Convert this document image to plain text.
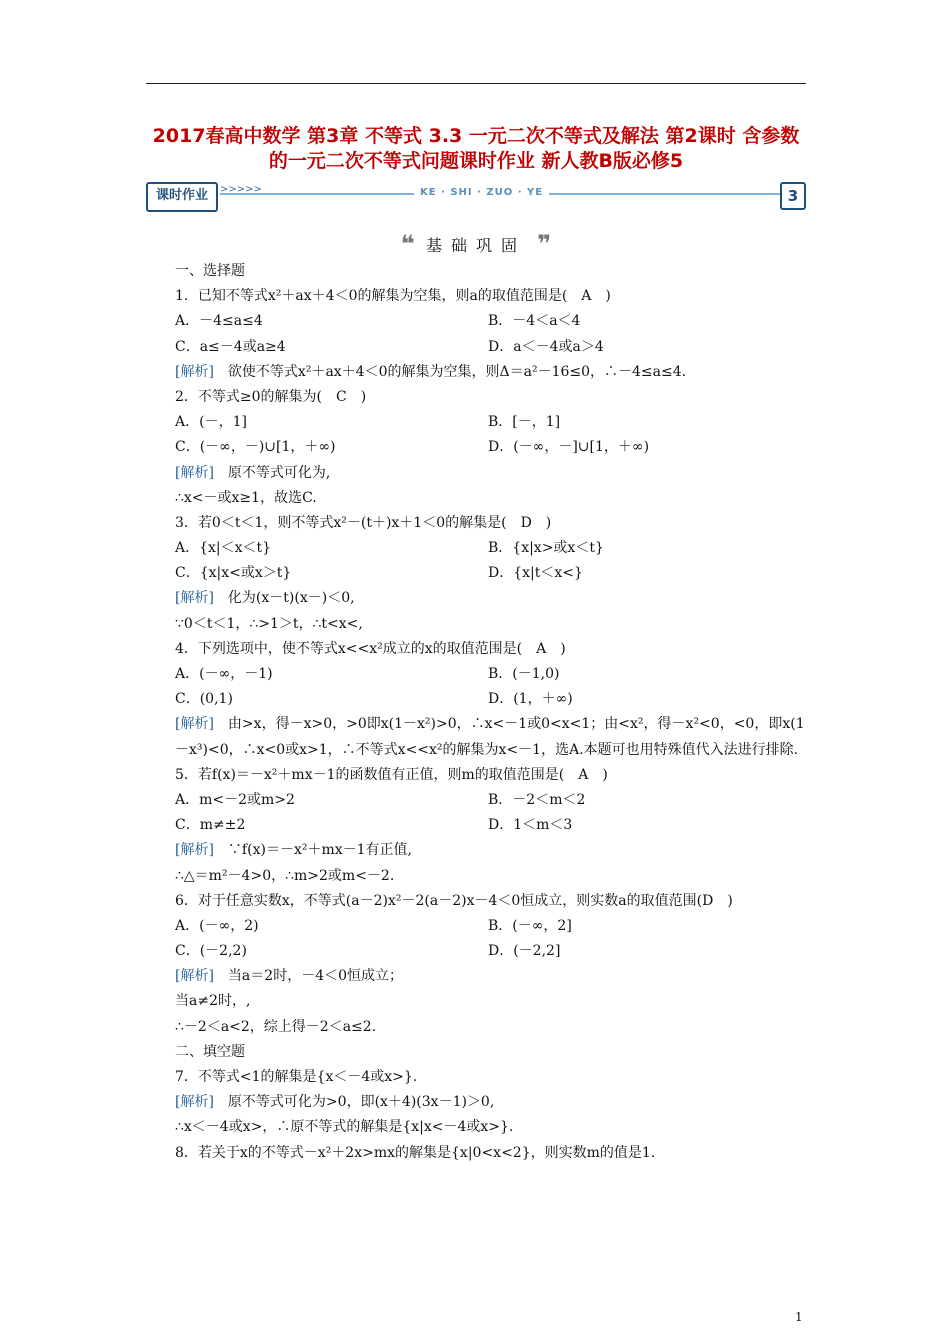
2017春高中数学 第3章 不等式 3.3 一元二次不等式及解法 第2课时 含参数的一元二次不等式问题课时作业 新人教B版必修5
课时作业	>>>>>	KE · SHI · ZUO · YE	3
❝ 基础巩固 ❞
一、选择题
1．已知不等式x²＋ax＋4＜0的解集为空集，则a的取值范围是(　A　)
A．－4≤a≤4	B．－4＜a＜4
C．a≤－4或a≥4	D．a＜－4或a＞4
[解析]　欲使不等式x²＋ax＋4＜0的解集为空集，则Δ＝a²－16≤0，∴－4≤a≤4.
2．不等式≥0的解集为(　C　)
A．(－，1]	B．[－，1]
C．(－∞，－)∪[1，＋∞)	D．(－∞，－]∪[1，＋∞)
[解析]　原不等式可化为,
∴x<－或x≥1，故选C.
3．若0＜t＜1，则不等式x²－(t＋)x＋1＜0的解集是(　D　)
A．{x|＜x＜t}	B．{x|x>或x＜t}
C．{x|x<或x＞t}	D．{x|t＜x<}
[解析]　化为(x－t)(x－)＜0,
∵0＜t＜1，∴>1＞t，∴t<x<,
4．下列选项中，使不等式x<<x²成立的x的取值范围是(　A　)
A．(－∞，－1)	B．(－1,0)
C．(0,1)	D．(1，＋∞)
[解析]　由>x，得－x>0，>0即x(1－x²)>0，∴x<－1或0<x<1；由<x²，得－x²<0，<0，即x(1－x³)<0，∴x<0或x>1，∴不等式x<<x²的解集为x<－1，选A.本题可也用特殊值代入法进行排除.
5．若f(x)＝－x²＋mx－1的函数值有正值，则m的取值范围是(　A　)
A．m<－2或m>2	B．－2＜m＜2
C．m≠±2	D．1＜m＜3
[解析]　∵f(x)＝－x²＋mx－1有正值,
∴△＝m²－4>0，∴m>2或m<－2.
6．对于任意实数x，不等式(a－2)x²－2(a－2)x－4＜0恒成立，则实数a的取值范围(D　)
A．(－∞，2)	B．(－∞，2]
C．(－2,2)	D．(－2,2]
[解析]　当a＝2时，－4＜0恒成立；
当a≠2时，,
∴－2＜a<2，综上得－2＜a≤2.
二、填空题
7．不等式<1的解集是{x＜－4或x>}.
[解析]　原不等式可化为>0，即(x＋4)(3x－1)＞0,
∴x＜－4或x>，∴原不等式的解集是{x|x<－4或x>}.
8．若关于x的不等式－x²＋2x>mx的解集是{x|0<x<2}，则实数m的值是1.
1
